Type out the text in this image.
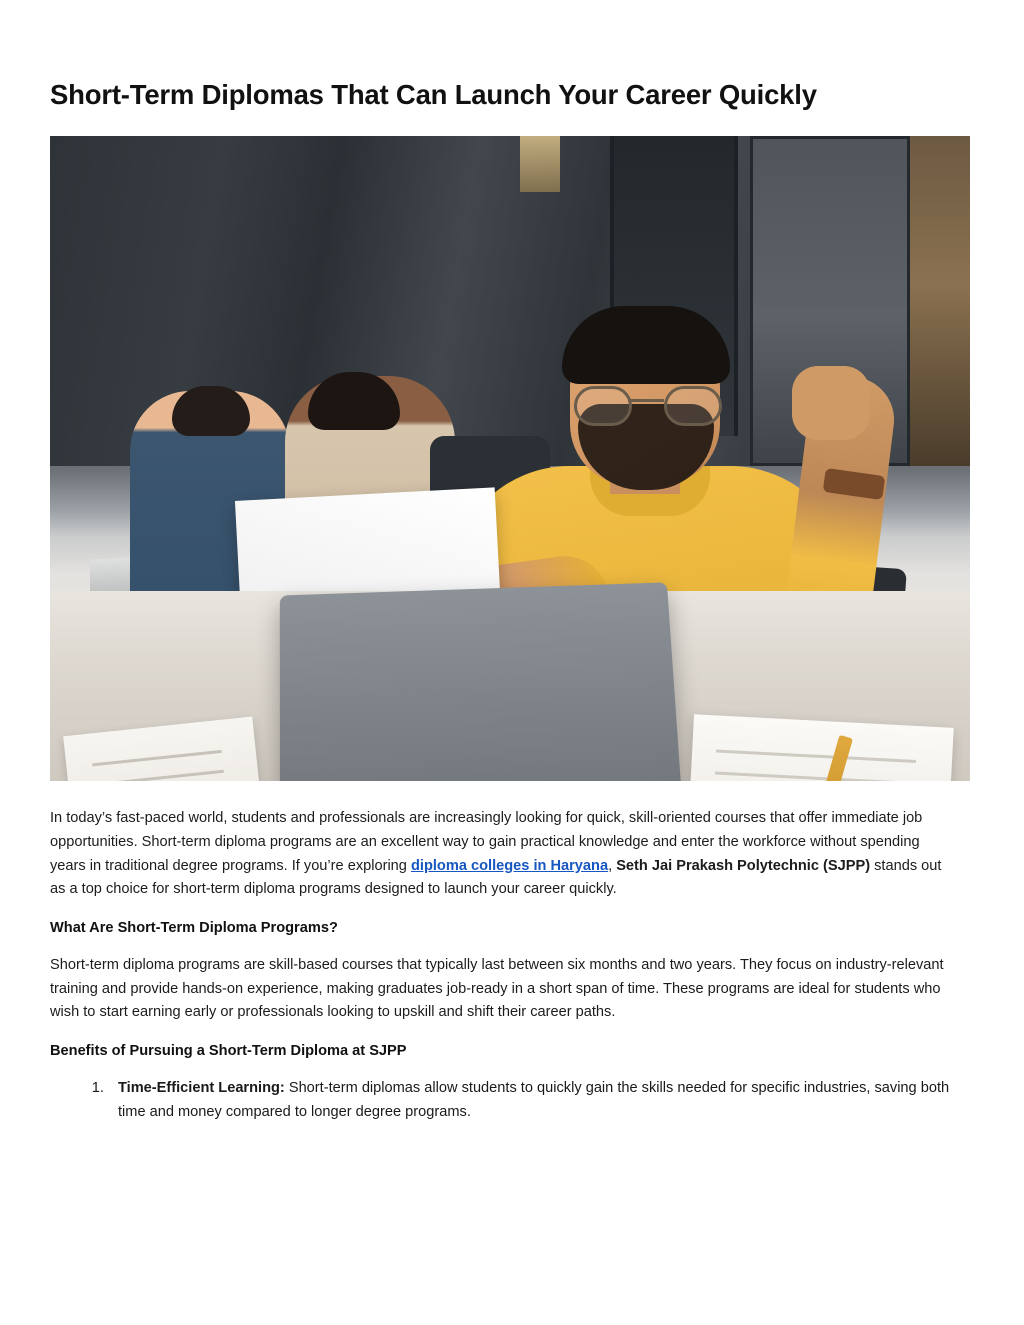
Short-Term Diplomas That Can Launch Your Career Quickly

In today’s fast-paced world, students and professionals are increasingly looking for quick, skill-oriented courses that offer immediate job opportunities. Short-term diploma programs are an excellent way to gain practical knowledge and enter the workforce without spending years in traditional degree programs. If you’re exploring diploma colleges in Haryana, Seth Jai Prakash Polytechnic (SJPP) stands out as a top choice for short-term diploma programs designed to launch your career quickly.

What Are Short-Term Diploma Programs?

Short-term diploma programs are skill-based courses that typically last between six months and two years. They focus on industry-relevant training and provide hands-on experience, making graduates job-ready in a short span of time. These programs are ideal for students who wish to start earning early or professionals looking to upskill and shift their career paths.

Benefits of Pursuing a Short-Term Diploma at SJPP
1. Time-Efficient Learning: Short-term diplomas allow students to quickly gain the skills needed for specific industries, saving both time and money compared to longer degree programs.
